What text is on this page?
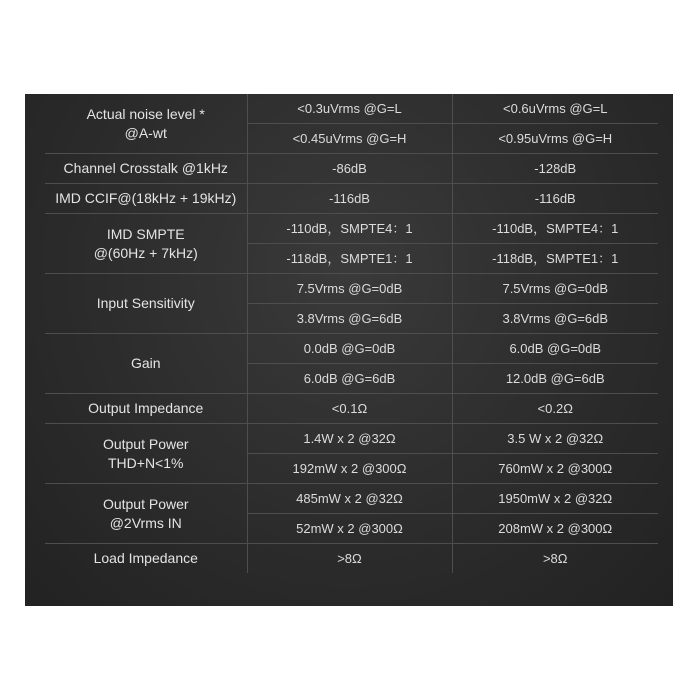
Actual noise level *
@A-wt	<0.3uVrms @G=L	<0.6uVrms @G=L
	<0.45uVrms @G=H	<0.95uVrms @G=H
Channel Crosstalk @1kHz	-86dB	-128dB
IMD CCIF@(18kHz + 19kHz)	-116dB	-116dB
IMD SMPTE
@(60Hz + 7kHz)	-110dB，SMPTE4：1	-110dB，SMPTE4：1
	-118dB，SMPTE1：1	-118dB，SMPTE1：1
Input Sensitivity	7.5Vrms @G=0dB	7.5Vrms @G=0dB
	3.8Vrms @G=6dB	3.8Vrms @G=6dB
Gain	0.0dB @G=0dB	6.0dB @G=0dB
	6.0dB @G=6dB	12.0dB @G=6dB
Output Impedance	<0.1Ω	<0.2Ω
Output Power
THD+N<1%	1.4W x 2 @32Ω	3.5 W x 2 @32Ω
	192mW x 2 @300Ω	760mW x 2 @300Ω
Output Power
@2Vrms IN	485mW x 2 @32Ω	1950mW x 2 @32Ω
	52mW x 2 @300Ω	208mW x 2 @300Ω
Load Impedance	>8Ω	>8Ω
